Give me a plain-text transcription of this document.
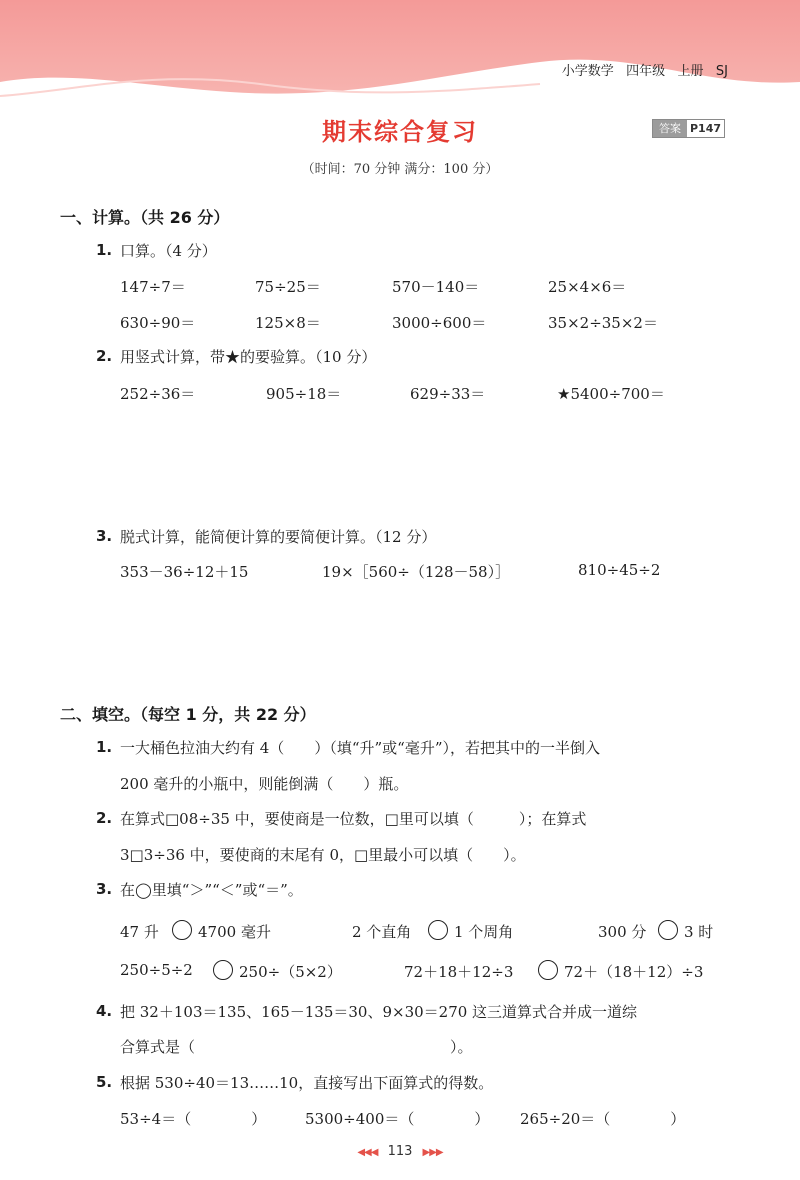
小学数学   四年级   上册   SJ
期末综合复习	答案 P147
（时间：70 分钟 满分：100 分）
一、计算。（共 26 分）
1. 口算。（4 分）
147÷7＝	75÷25＝	570－140＝	25×4×6＝
630÷90＝	125×8＝	3000÷600＝	35×2÷35×2＝
2. 用竖式计算，带★的要验算。（10 分）
252÷36＝	905÷18＝	629÷33＝	★5400÷700＝
3. 脱式计算，能简便计算的要简便计算。（12 分）
353－36÷12＋15	19×［560÷（128－58）］	810÷45÷2
二、填空。（每空 1 分，共 22 分）
1. 一大桶色拉油大约有 4（　　）（填“升”或“毫升”），若把其中的一半倒入
200 毫升的小瓶中，则能倒满（　　）瓶。
2. 在算式□08÷35 中，要使商是一位数，□里可以填（　　　）；在算式
3□3÷36 中，要使商的末尾有 0，□里最小可以填（　　）。
3. 在◯里填“＞”“＜”或“＝”。
47 升	4700 毫升	2 个直角	1 个周角	300 分	3 时
250÷5÷2	250÷（5×2）	72＋18＋12÷3	72＋（18＋12）÷3
4. 把 32＋103＝135、165－135＝30、9×30＝270 这三道算式合并成一道综
合算式是（　　　　　　　　　　　　　　　　　）。
5. 根据 530÷40＝13……10，直接写出下面算式的得数。
53÷4＝（　　　　）	5300÷400＝（　　　　） 265÷20＝（　　　　）
◀◀◀ 113 ▶▶▶
